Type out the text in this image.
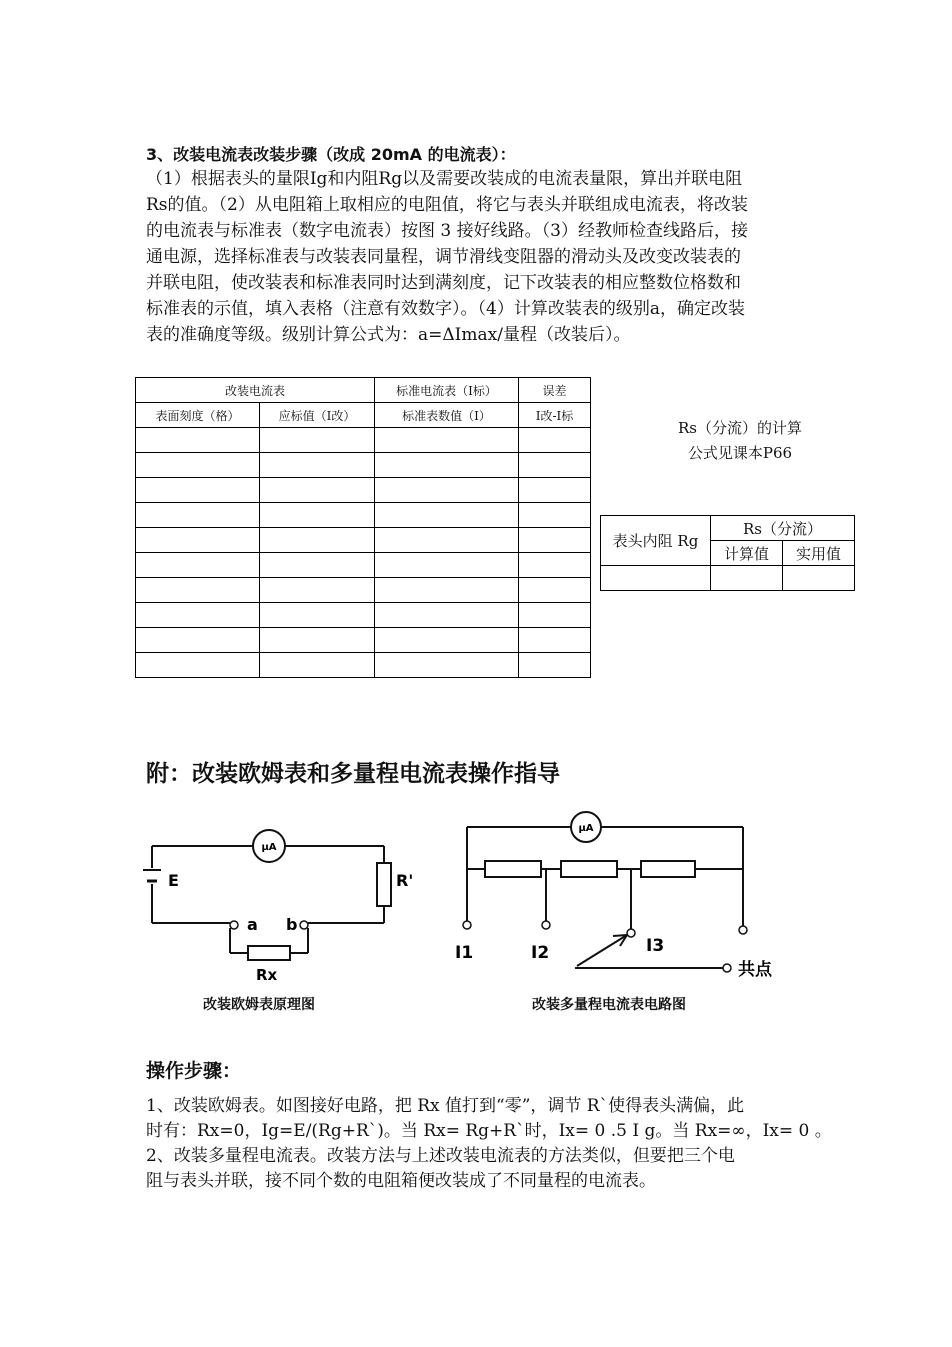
3、改装电流表改装步骤（改成 20mA 的电流表）：
（1）根据表头的量限Ig和内阻Rg以及需要改装成的电流表量限，算出并联电阻
Rs的值。（2）从电阻箱上取相应的电阻值，将它与表头并联组成电流表，将改装
的电流表与标准表（数字电流表）按图 3 接好线路。（3）经教师检查线路后，接
通电源，选择标准表与改装表同量程，调节滑线变阻器的滑动头及改变改装表的
并联电阻，使改装表和标准表同时达到满刻度，记下改装表的相应整数位格数和
标准表的示值，填入表格（注意有效数字）。（4）计算改装表的级别a，确定改装
表的准确度等级。级别计算公式为：a=ΔImax/量程（改装后）。
改装电流表		标准电流表（I标）	误差
表面刻度（格）	应标值（I改）	标准表数值（I）	I改-I标

Rs（分流）的计算
公式见课本P66
表头内阻 Rg	Rs（分流）	
	计算值	实用值

附：改装欧姆表和多量程电流表操作指导
μA
E	R'
a b
Rx
改装欧姆表原理图
μA
I1	I2	I3
共点
改装多量程电流表电路图
操作步骤：
1、改装欧姆表。如图接好电路，把 Rx 值打到“零”，调节 R`使得表头满偏，此
时有：Rx=0，Ig=E/(Rg+R`)。当 Rx= Rg+R`时，Ix= 0 .5 I g。当 Rx=∞，Ix= 0 。
2、改装多量程电流表。改装方法与上述改装电流表的方法类似，但要把三个电
阻与表头并联，接不同个数的电阻箱便改装成了不同量程的电流表。
